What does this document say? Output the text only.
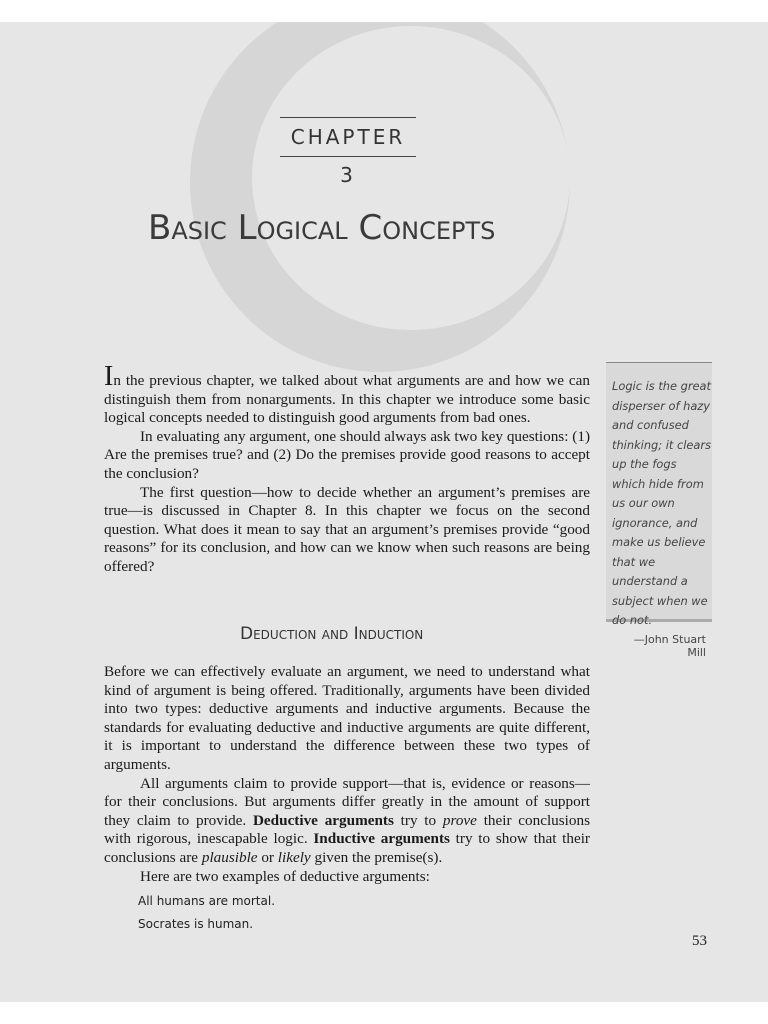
CHAPTER 3
Basic Logical Concepts

In the previous chapter, we talked about what arguments are and how we can distinguish them from nonarguments. In this chapter we introduce some basic logical concepts needed to distinguish good arguments from bad ones.

In evaluating any argument, one should always ask two key questions: (1) Are the premises true? and (2) Do the premises provide good reasons to accept the conclusion?

The first question—how to decide whether an argument’s premises are true—is discussed in Chapter 8. In this chapter we focus on the second question. What does it mean to say that an argument’s premises provide “good reasons” for its conclusion, and how can we know when such reasons are being offered?

Logic is the great disperser of hazy and confused thinking; it clears up the fogs which hide from us our own ignorance, and make us believe that we understand a subject when we do not.
—John Stuart Mill
Deduction and Induction

Before we can effectively evaluate an argument, we need to understand what kind of argument is being offered. Traditionally, arguments have been divided into two types: deductive arguments and inductive arguments. Because the standards for evaluating deductive and inductive arguments are quite different, it is important to understand the difference between these two types of arguments.

All arguments claim to provide support—that is, evidence or reasons—for their conclusions. But arguments differ greatly in the amount of support they claim to provide. Deductive arguments try to prove their conclusions with rigorous, inescapable logic. Inductive arguments try to show that their conclusions are plausible or likely given the premise(s).

Here are two examples of deductive arguments:

All humans are mortal.
Socrates is human.
53
